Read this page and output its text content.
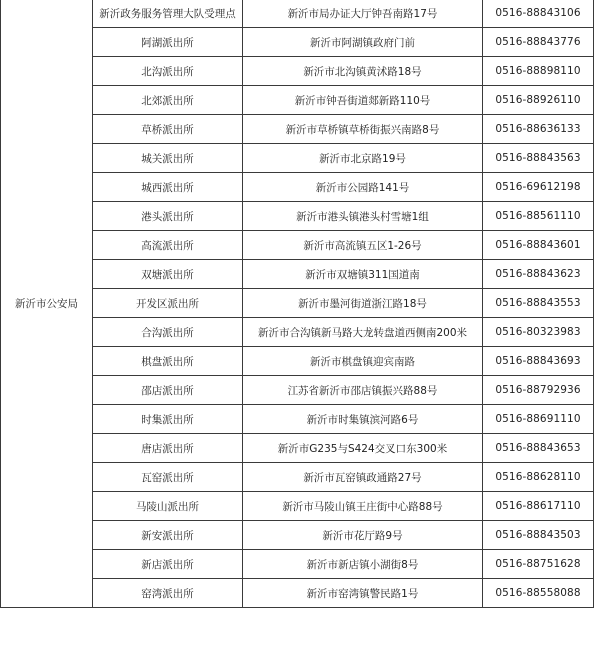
新沂市公安局	新沂政务服务管理大队受理点	新沂市局办证大厅钟吾南路17号	0516-88843106
	阿湖派出所	新沂市阿湖镇政府门前	0516-88843776
	北沟派出所	新沂市北沟镇黄沭路18号	0516-88898110
	北郊派出所	新沂市钟吾街道郯新路110号	0516-88926110
	草桥派出所	新沂市草桥镇草桥街振兴南路8号	0516-88636133
	城关派出所	新沂市北京路19号	0516-88843563
	城西派出所	新沂市公园路141号	0516-69612198
	港头派出所	新沂市港头镇港头村雪塘1组	0516-88561110
	高流派出所	新沂市高流镇五区1-26号	0516-88843601
	双塘派出所	新沂市双塘镇311国道南	0516-88843623
	开发区派出所	新沂市墨河街道浙江路18号	0516-88843553
	合沟派出所	新沂市合沟镇新马路大龙转盘道西侧南200米	0516-80323983
	棋盘派出所	新沂市棋盘镇迎宾南路	0516-88843693
	邵店派出所	江苏省新沂市邵店镇振兴路88号	0516-88792936
	时集派出所	新沂市时集镇滨河路6号	0516-88691110
	唐店派出所	新沂市G235与S424交叉口东300米	0516-88843653
	瓦窑派出所	新沂市瓦窑镇政通路27号	0516-88628110
	马陵山派出所	新沂市马陵山镇王庄街中心路88号	0516-88617110
	新安派出所	新沂市花厅路9号	0516-88843503
	新店派出所	新沂市新店镇小湖街8号	0516-88751628
	窑湾派出所	新沂市窑湾镇警民路1号	0516-88558088
